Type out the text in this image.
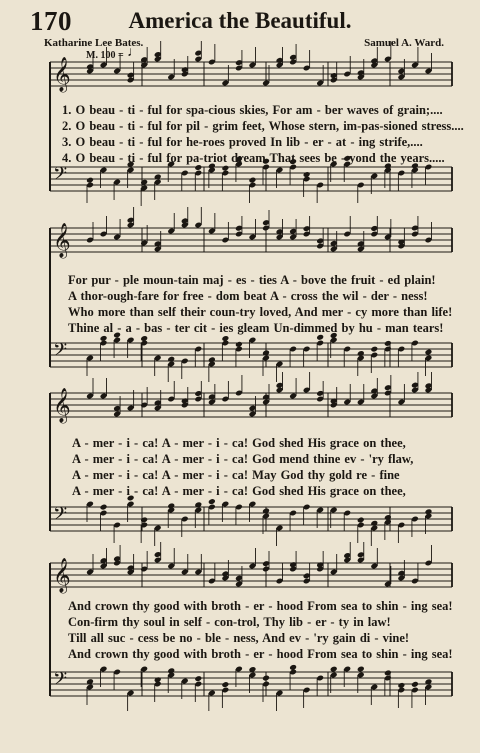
170	America the Beautiful.
Katharine Lee Bates.	Samuel A. Ward.
M. 100 = ♩
𝄞
𝄢
𝄞
𝄢
𝄞
𝄢
𝄞
𝄢
1. O beau - ti - ful for spa-cious skies, For am - ber waves of grain;....
2. O beau - ti - ful for pil - grim feet, Whose stern, im-pas-sioned stress....
3. O beau - ti - ful for he-roes proved In lib - er - at - ing strife,....
4. O beau - ti - ful for pa-triot dream That sees be - yond the years.....
For pur - ple moun-tain maj - es - ties A - bove the fruit - ed plain!
A thor-ough-fare for free - dom beat A - cross the wil - der - ness!
Who more than self their coun-try loved, And mer - cy more than life!
Thine al - a - bas - ter cit - ies gleam Un-dimmed by hu - man tears!
A - mer - i - ca! A - mer - i - ca! God shed His grace on thee,
A - mer - i - ca! A - mer - i - ca! God mend thine ev - 'ry flaw,
A - mer - i - ca! A - mer - i - ca! May God thy gold re - fine
A - mer - i - ca! A - mer - i - ca! God shed His grace on thee,
And crown thy good with broth - er - hood From sea to shin - ing sea!
Con-firm thy soul in self - con-trol, Thy lib - er - ty in law!
Till all suc - cess be no - ble - ness, And ev - 'ry gain di - vine!
And crown thy good with broth - er - hood From sea to shin - ing sea!
